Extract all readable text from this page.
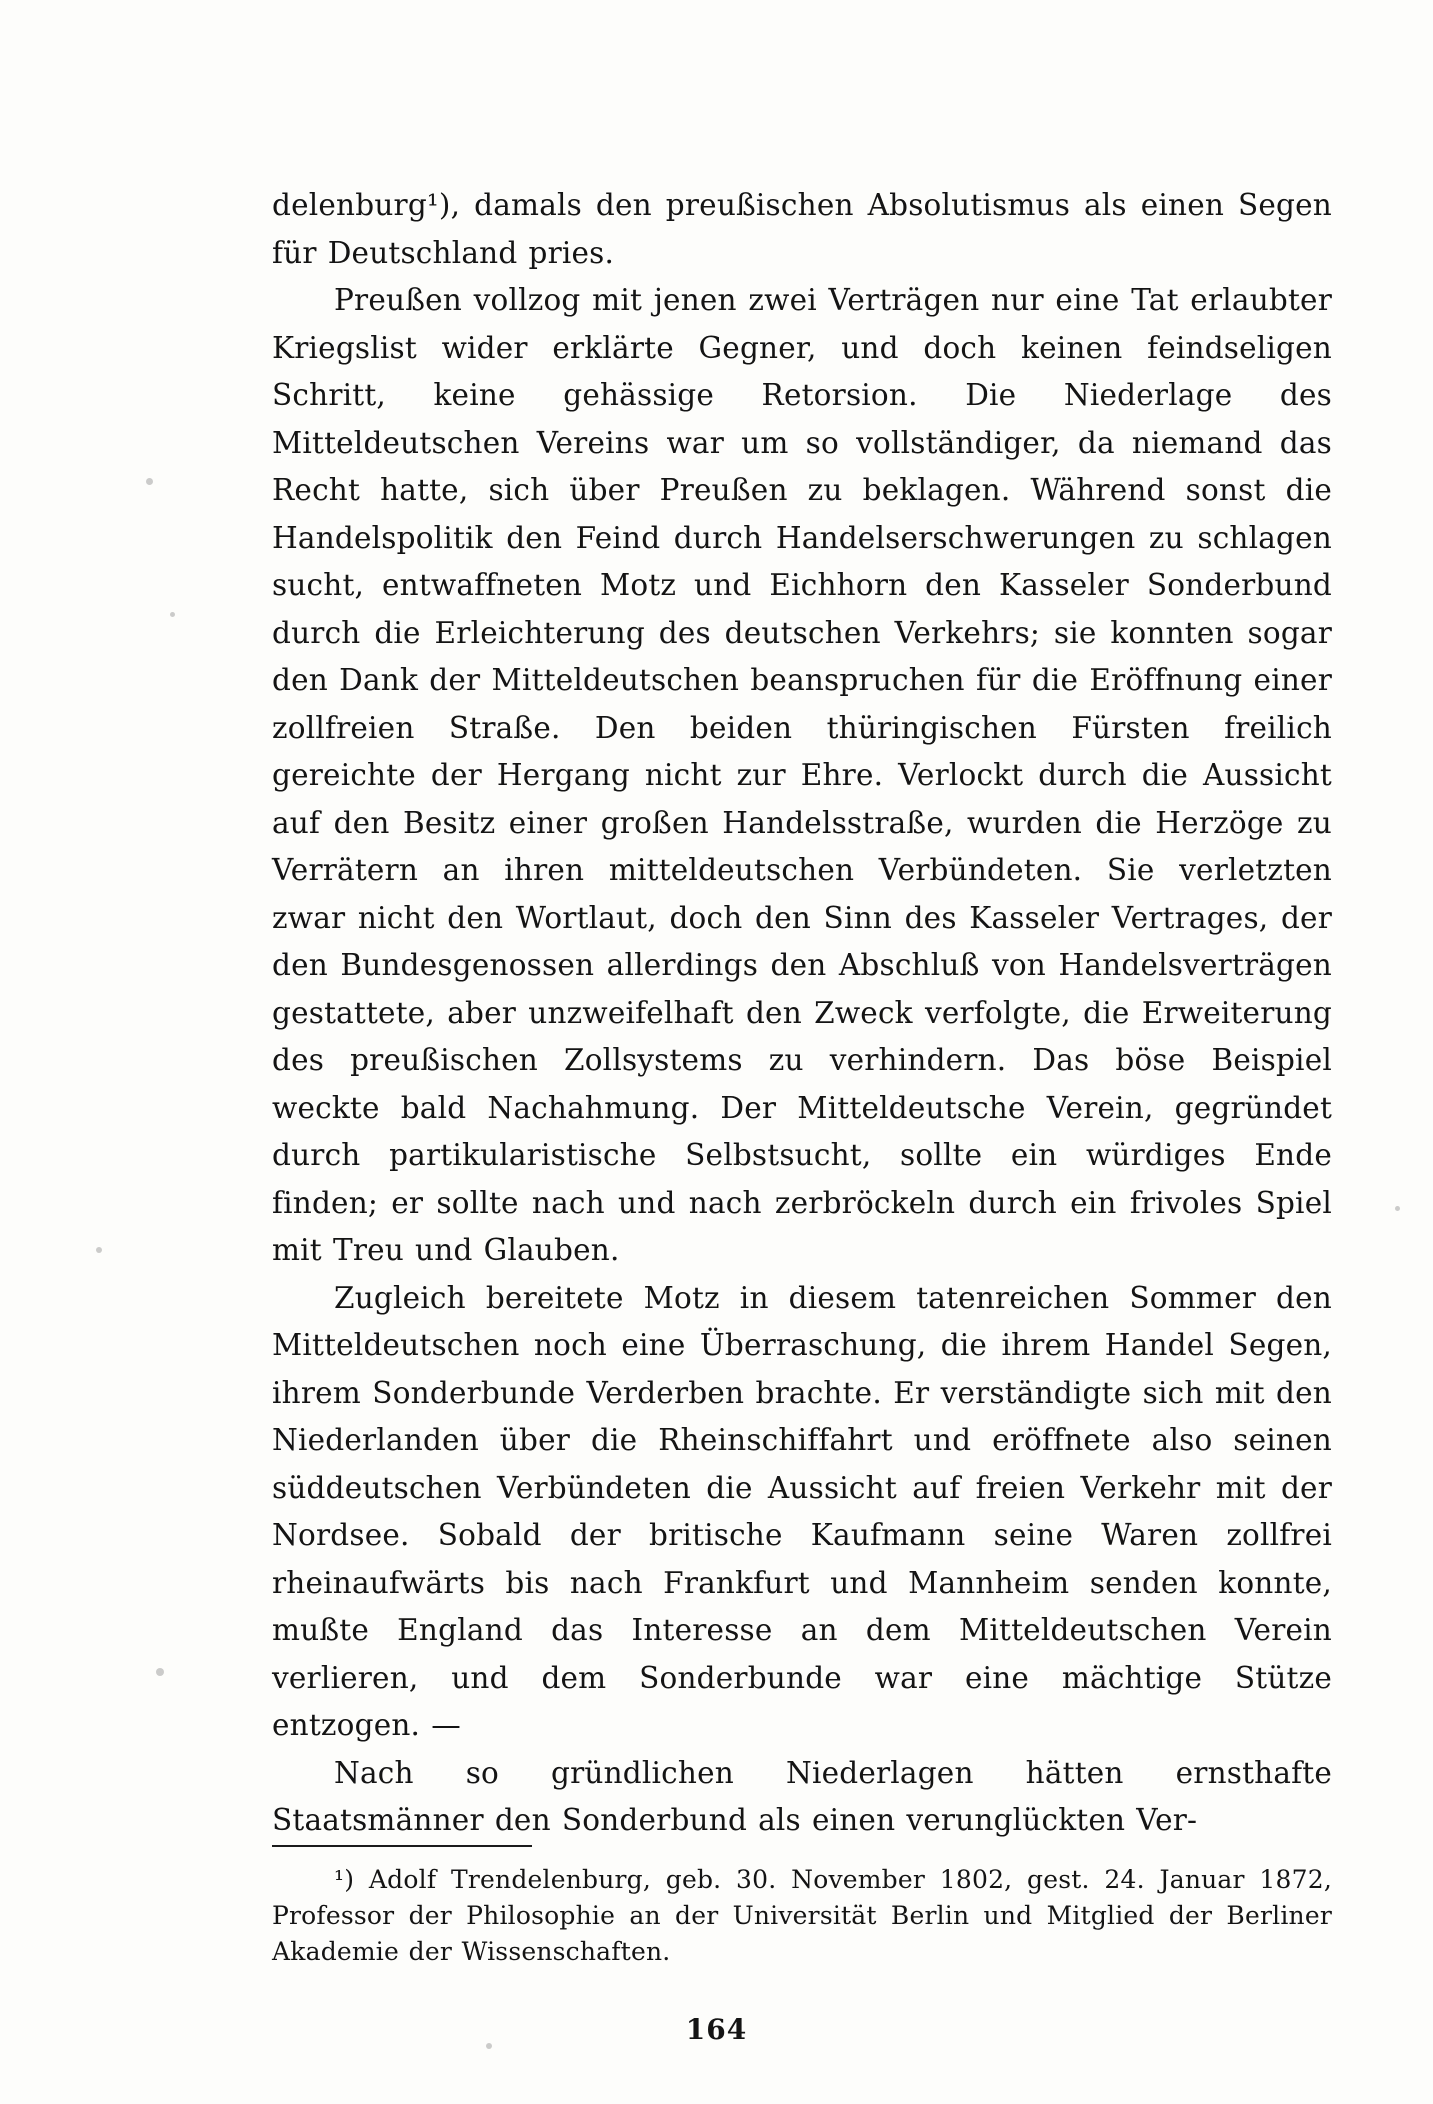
delenburg¹), damals den preußischen Absolutismus als einen Segen für Deutschland pries.

Preußen vollzog mit jenen zwei Verträgen nur eine Tat erlaubter Kriegslist wider erklärte Gegner, und doch keinen feindseligen Schritt, keine gehässige Retorsion. Die Niederlage des Mitteldeutschen Vereins war um so vollständiger, da niemand das Recht hatte, sich über Preußen zu beklagen. Während sonst die Handelspolitik den Feind durch Handelserschwerungen zu schlagen sucht, entwaffneten Motz und Eichhorn den Kasseler Sonderbund durch die Erleichterung des deutschen Verkehrs; sie konnten sogar den Dank der Mitteldeutschen beanspruchen für die Eröffnung einer zollfreien Straße. Den beiden thüringischen Fürsten freilich gereichte der Hergang nicht zur Ehre. Verlockt durch die Aussicht auf den Besitz einer großen Handelsstraße, wurden die Herzöge zu Verrätern an ihren mitteldeutschen Verbündeten. Sie verletzten zwar nicht den Wortlaut, doch den Sinn des Kasseler Vertrages, der den Bundesgenossen allerdings den Abschluß von Handelsverträgen gestattete, aber unzweifelhaft den Zweck verfolgte, die Erweiterung des preußischen Zollsystems zu verhindern. Das böse Beispiel weckte bald Nachahmung. Der Mitteldeutsche Verein, gegründet durch partikularistische Selbstsucht, sollte ein würdiges Ende finden; er sollte nach und nach zerbröckeln durch ein frivoles Spiel mit Treu und Glauben.

Zugleich bereitete Motz in diesem tatenreichen Sommer den Mitteldeutschen noch eine Überraschung, die ihrem Handel Segen, ihrem Sonderbunde Verderben brachte. Er verständigte sich mit den Niederlanden über die Rheinschiffahrt und eröffnete also seinen süddeutschen Verbündeten die Aussicht auf freien Verkehr mit der Nordsee. Sobald der britische Kaufmann seine Waren zollfrei rheinaufwärts bis nach Frankfurt und Mannheim senden konnte, mußte England das Interesse an dem Mitteldeutschen Verein verlieren, und dem Sonderbunde war eine mächtige Stütze entzogen. —

Nach so gründlichen Niederlagen hätten ernsthafte Staatsmänner den Sonderbund als einen verunglückten Ver-

¹) Adolf Trendelenburg, geb. 30. November 1802, gest. 24. Januar 1872, Professor der Philosophie an der Universität Berlin und Mitglied der Berliner Akademie der Wissenschaften.

164
